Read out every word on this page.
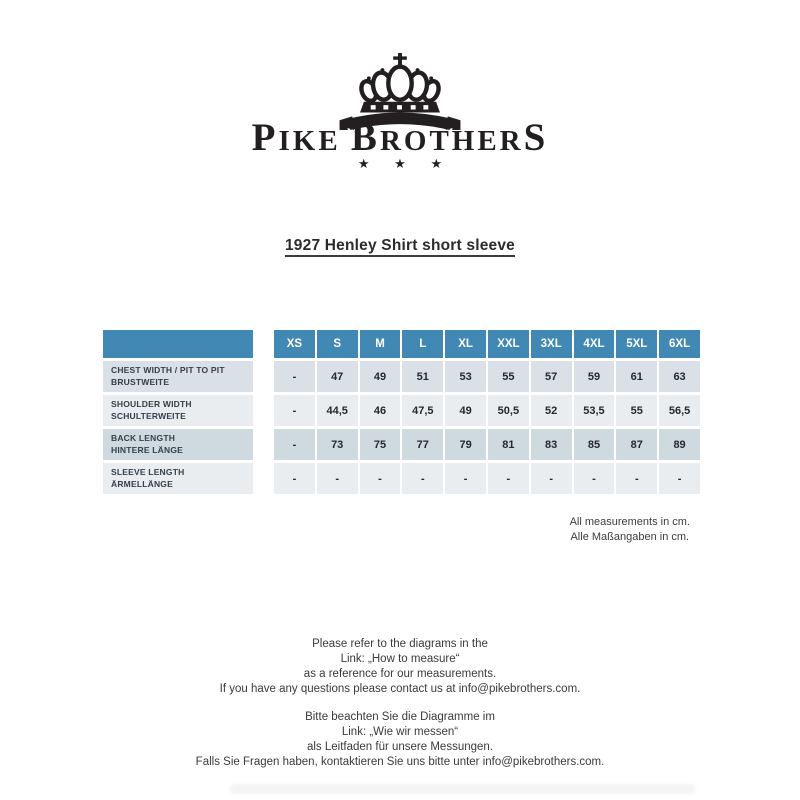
PIKE BROTHERS
★ ★ ★
1927 Henley Shirt short sleeve
XS	S	M	L	XL	XXL	3XL	4XL	5XL	6XL
CHEST WIDTH / PIT TO PIT
BRUSTWEITE	-	47	49	51	53	55	57	59	61	63
SHOULDER WIDTH
SCHULTERWEITE	-	44,5	46	47,5	49	50,5	52	53,5	55	56,5
BACK LENGTH
HINTERE LÄNGE	-	73	75	77	79	81	83	85	87	89
SLEEVE LENGTH
ÄRMELLÄNGE	-	-	-	-	-	-	-	-	-	-
All measurements in cm.
Alle Maßangaben in cm.
Please refer to the diagrams in the
Link: „How to measure“
as a reference for our measurements.
If you have any questions please contact us at info@pikebrothers.com.
Bitte beachten Sie die Diagramme im
Link: „Wie wir messen“
als Leitfaden für unsere Messungen.
Falls Sie Fragen haben, kontaktieren Sie uns bitte unter info@pikebrothers.com.
